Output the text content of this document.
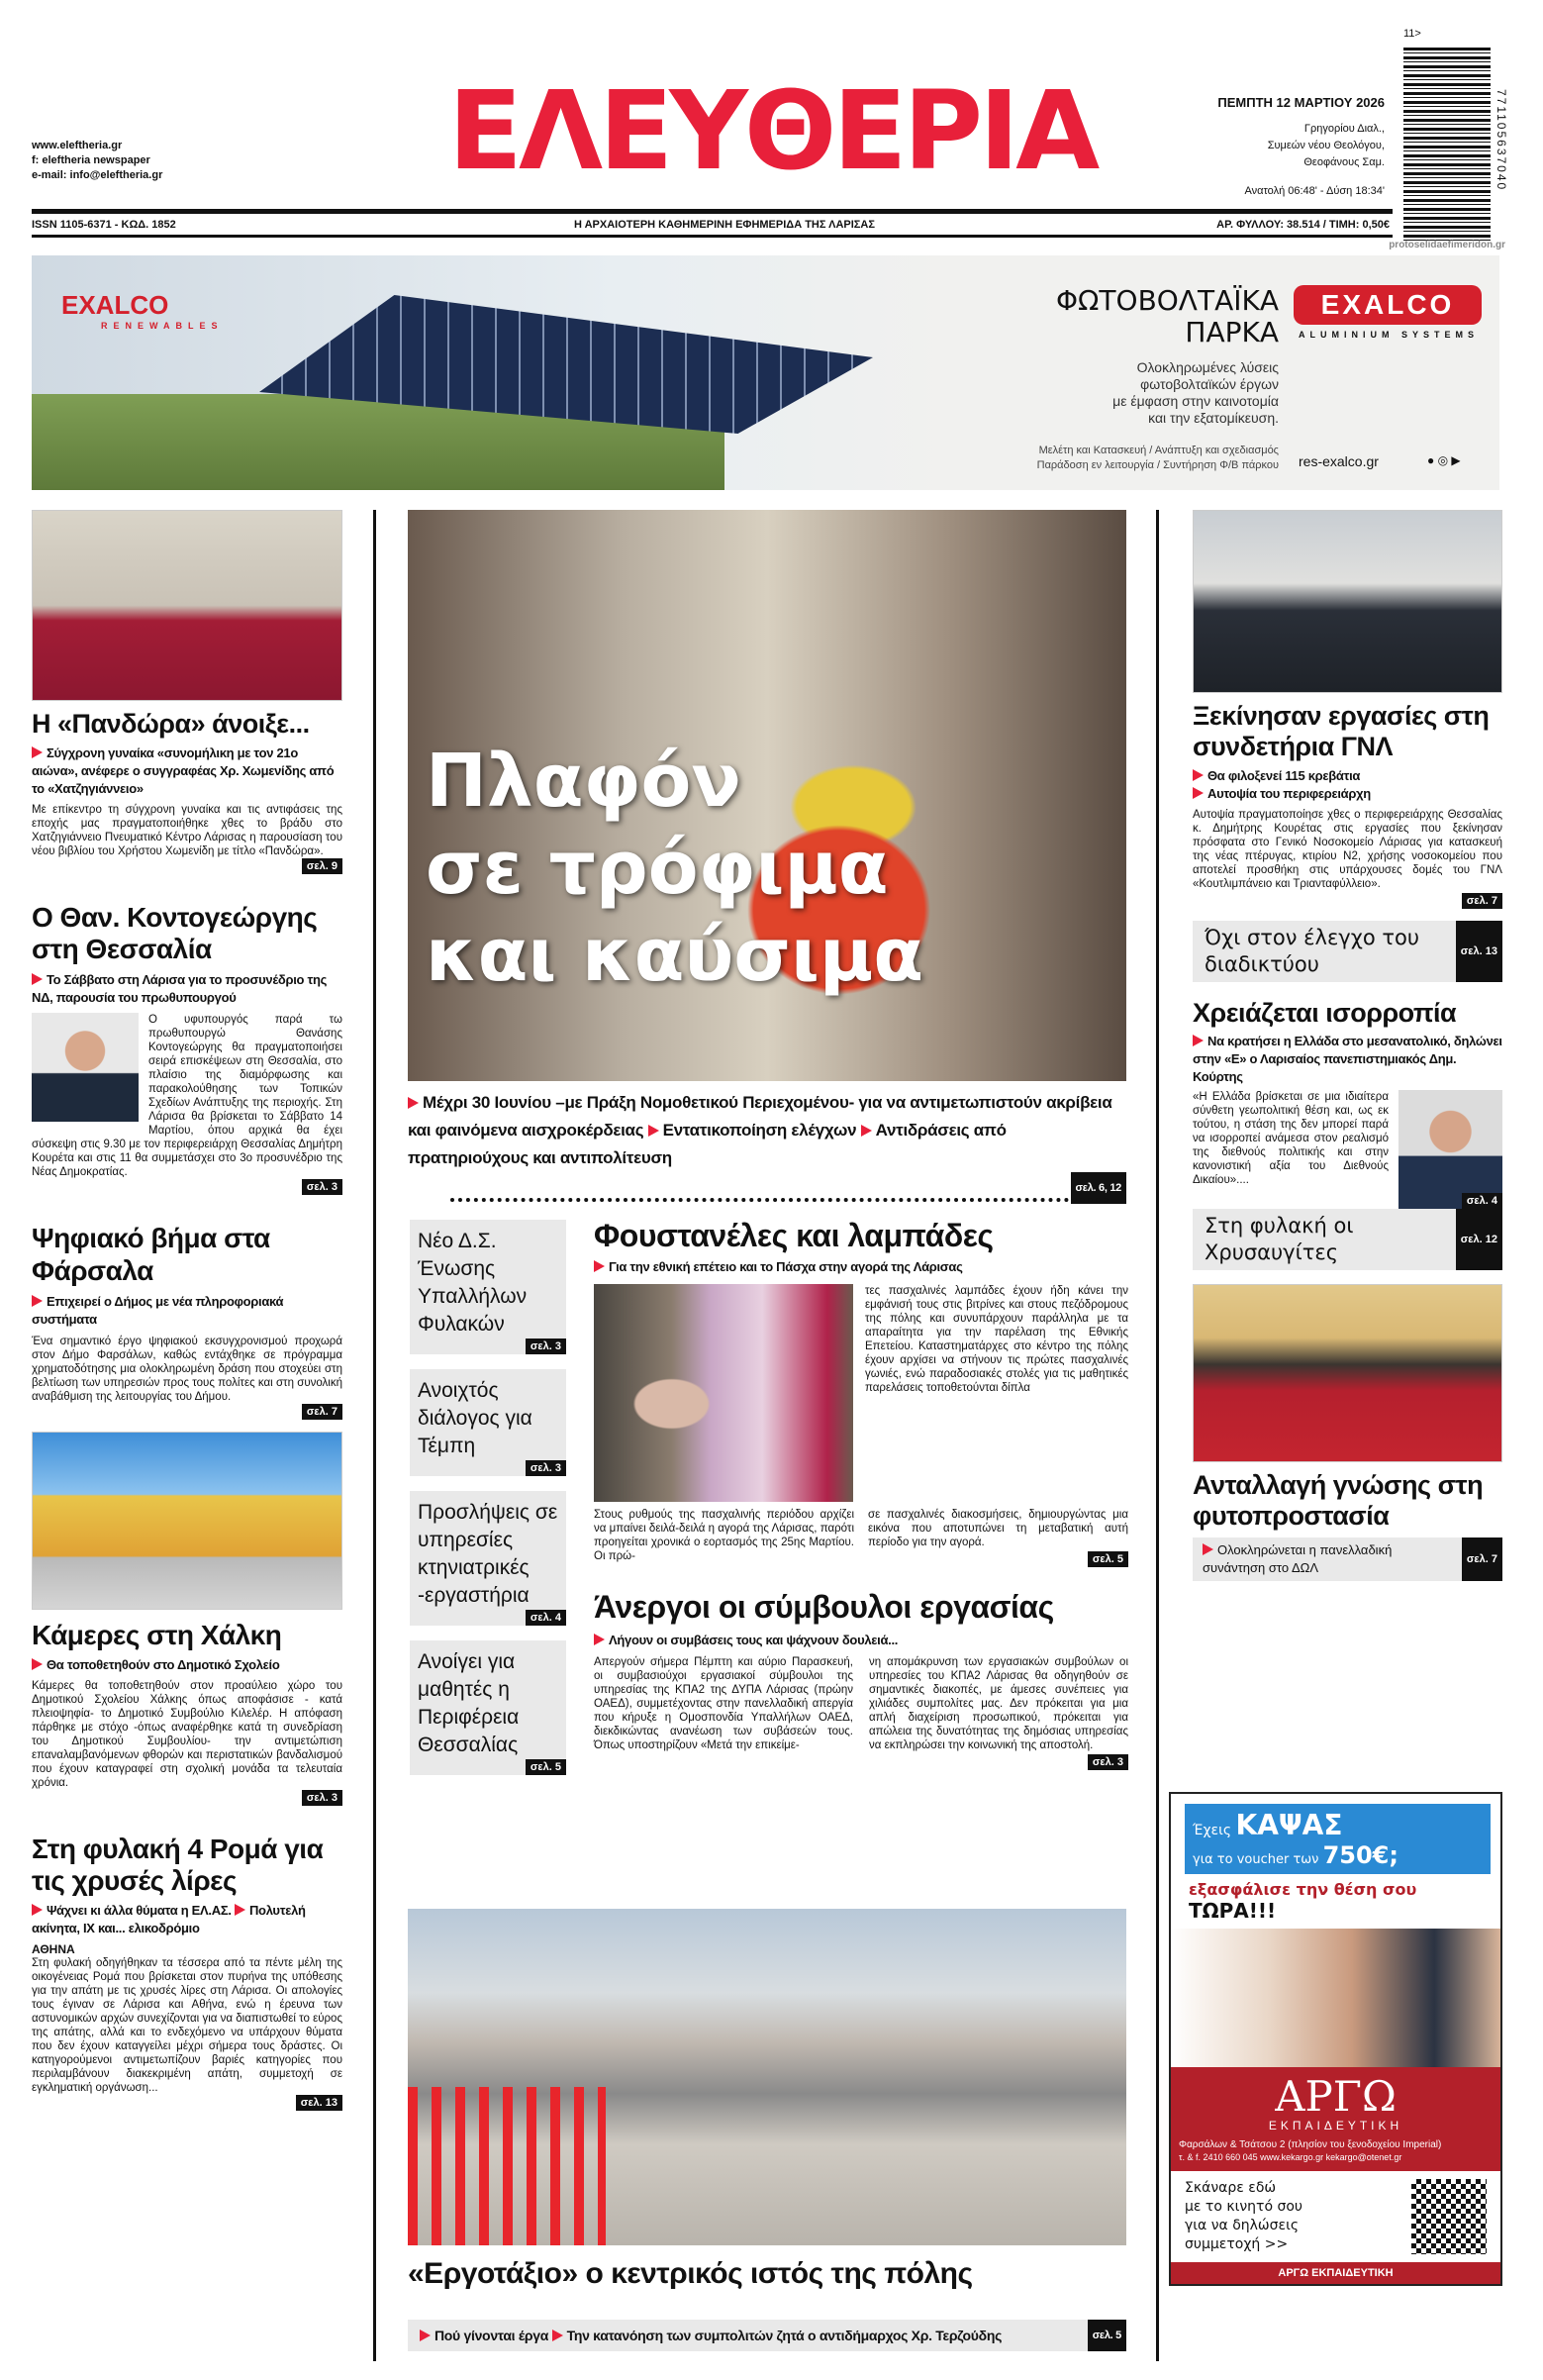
www.eleftheria.gr
f: eleftheria newspaper
e-mail: info@eleftheria.gr	ΕΛΕΥΘΕΡΙΑ	ΠΕΜΠΤΗ 12 ΜΑΡΤΙΟΥ 2026
Γρηγορίου Διαλ.,
Συμεών νέου Θεολόγου,
Θεοφάνους Σαμ.
Ανατολή 06:48' - Δύση 18:34'	771105637040
11>
ISSN 1105-6371 - ΚΩΔ. 1852	Η ΑΡΧΑΙΟΤΕΡΗ ΚΑΘΗΜΕΡΙΝΗ ΕΦΗΜΕΡΙΔΑ ΤΗΣ ΛΑΡΙΣΑΣ	ΑΡ. ΦΥΛΛΟΥ: 38.514 / ΤΙΜΗ: 0,50€
protoselidaefimeridon.gr
EXALCO
RENEWABLES
ΦΩΤΟΒΟΛΤΑΪΚΑ
ΠΑΡΚΑ
Ολοκληρωμένες λύσεις
φωτοβολταϊκών έργων
με έμφαση στην καινοτομία
και την εξατομίκευση.
Μελέτη και Κατασκευή / Ανάπτυξη και σχεδιασμός
Παράδοση εν λειτουργία / Συντήρηση Φ/Β πάρκου
EXALCO
ALUMINIUM SYSTEMS
res-exalco.gr	● ◎ ▶
Η «Πανδώρα» άνοιξε...
Σύγχρονη γυναίκα «συνομήλικη με τον 21ο αιώνα», ανέφερε ο συγγραφέας Χρ. Χωμενίδης από το «Χατζηγιάννειο»

Με επίκεντρο τη σύγχρονη γυναίκα και τις αντιφάσεις της εποχής μας πραγματοποιήθηκε χθες το βράδυ στο Χατζηγιάννειο Πνευματικό Κέντρο Λάρισας η παρουσίαση του νέου βιβλίου του Χρήστου Χωμενίδη με τίτλο «Πανδώρα».

σελ. 9
Ο Θαν. Κοντογεώργης στη Θεσσαλία
Το Σάββατο στη Λάρισα για το προσυνέδριο της ΝΔ, παρουσία του πρωθυπουργού

Ο υφυπουργός παρά τω πρωθυπουργώ Θανάσης Κοντογεώργης θα πραγματοποιήσει σειρά επισκέψεων στη Θεσσαλία, στο πλαίσιο της διαμόρφωσης και παρακολούθησης των Τοπικών Σχεδίων Ανάπτυξης της περιοχής. Στη Λάρισα θα βρίσκεται το Σάββατο 14 Μαρτίου, όπου αρχικά θα έχει σύσκεψη στις 9.30 με τον περιφερειάρχη Θεσσαλίας Δημήτρη Κουρέτα και στις 11 θα συμμετάσχει στο 3ο προσυνέδριο της Νέας Δημοκρατίας.

σελ. 3
Ψηφιακό βήμα στα Φάρσαλα
Επιχειρεί ο Δήμος με νέα πληροφοριακά συστήματα

Ένα σημαντικό έργο ψηφιακού εκσυγχρονισμού προχωρά στον Δήμο Φαρσάλων, καθώς εντάχθηκε σε πρόγραμμα χρηματοδότησης μια ολοκληρωμένη δράση που στοχεύει στη βελτίωση των υπηρεσιών προς τους πολίτες και στη συνολική αναβάθμιση της λειτουργίας του Δήμου.

σελ. 7
Κάμερες στη Χάλκη
Θα τοποθετηθούν στο Δημοτικό Σχολείο

Κάμερες θα τοποθετηθούν στον προαύλειο χώρο του Δημοτικού Σχολείου Χάλκης όπως αποφάσισε - κατά πλειοψηφία- το Δημοτικό Συμβούλιο Κιλελέρ. Η απόφαση πάρθηκε με στόχο -όπως αναφέρθηκε κατά τη συνεδρίαση του Δημοτικού Συμβουλίου- την αντιμετώπιση επαναλαμβανόμενων φθορών και περιστατικών βανδαλισμού που έχουν καταγραφεί στη σχολική μονάδα τα τελευταία χρόνια.

σελ. 3
Στη φυλακή 4 Ρομά για τις χρυσές λίρες
Ψάχνει κι άλλα θύματα η ΕΛ.ΑΣ. Πολυτελή ακίνητα, ΙΧ και... ελικοδρόμιο
ΑΘΗΝΑ

Στη φυλακή οδηγήθηκαν τα τέσσερα από τα πέντε μέλη της οικογένειας Ρομά που βρίσκεται στον πυρήνα της υπόθεσης για την απάτη με τις χρυσές λίρες στη Λάρισα. Οι απολογίες τους έγιναν σε Λάρισα και Αθήνα, ενώ η έρευνα των αστυνομικών αρχών συνεχίζονται για να διαπιστωθεί το εύρος της απάτης, αλλά και το ενδεχόμενο να υπάρχουν θύματα που δεν έχουν καταγγείλει μέχρι σήμερα τους δράστες. Οι κατηγορούμενοι αντιμετωπίζουν βαριές κατηγορίες που περιλαμβάνουν διακεκριμένη απάτη, συμμετοχή σε εγκληματική οργάνωση...

σελ. 13
Πλαφόν
σε τρόφιμα
και καύσιμα
Μέχρι 30 Ιουνίου –με Πράξη Νομοθετικού Περιεχομένου- για να αντιμετωπιστούν ακρίβεια και φαινόμενα αισχροκέρδειας Εντατικοποίηση ελέγχων Αντιδράσεις από πρατηριούχους και αντιπολίτευση
σελ. 6, 12
Νέο Δ.Σ. Ένωσης Υπαλλήλων Φυλακών
σελ. 3
Ανοιχτός διάλογος για Τέμπη
σελ. 3
Προσλήψεις σε υπηρεσίες κτηνιατρικές -εργαστήρια
σελ. 4
Ανοίγει για μαθητές η Περιφέρεια Θεσσαλίας
σελ. 5
Φουστανέλες και λαμπάδες
Για την εθνική επέτειο και το Πάσχα στην αγορά της Λάρισας

τες πασχαλινές λαμπάδες έχουν ήδη κάνει την εμφάνισή τους στις βιτρίνες και στους πεζόδρομους της πόλης και συνυπάρχουν παράλληλα με τα απαραίτητα για την παρέλαση της Εθνικής Επετείου. Καταστηματάρχες στο κέντρο της πόλης έχουν αρχίσει να στήνουν τις πρώτες πασχαλινές γωνιές, ενώ παραδοσιακές στολές για τις μαθητικές παρελάσεις τοποθετούνται δίπλα

Στους ρυθμούς της πασχαλινής περιόδου αρχίζει να μπαίνει δειλά-δειλά η αγορά της Λάρισας, παρότι προηγείται χρονικά ο εορτασμός της 25ης Μαρτίου. Οι πρώ-

σε πασχαλινές διακοσμήσεις, δημιουργώντας μια εικόνα που αποτυπώνει τη μεταβατική αυτή περίοδο για την αγορά.

σελ. 5
Άνεργοι οι σύμβουλοι εργασίας
Λήγουν οι συμβάσεις τους και ψάχνουν δουλειά...

Απεργούν σήμερα Πέμπτη και αύριο Παρασκευή, οι συμβασιούχοι εργασιακοί σύμβουλοι της υπηρεσίας της ΚΠΑ2 της ΔΥΠΑ Λάρισας (πρώην ΟΑΕΔ), συμμετέχοντας στην πανελλαδική απεργία που κήρυξε η Ομοσπονδία Υπαλλήλων ΟΑΕΔ, διεκδικώντας ανανέωση των συβάσεών τους. Όπως υποστηρίζουν «Μετά την επικείμε-

νη απομάκρυνση των εργασιακών συμβούλων οι υπηρεσίες του ΚΠΑ2 Λάρισας θα οδηγηθούν σε σημαντικές διακοπές, με άμεσες συνέπειες για χιλιάδες συμπολίτες μας. Δεν πρόκειται για μια απλή διαχείριση προσωπικού, πρόκειται για απώλεια της δυνατότητας της δημόσιας υπηρεσίας να εκπληρώσει την κοινωνική της αποστολή.

σελ. 3
«Εργοτάξιο» ο κεντρικός ιστός της πόλης
Πού γίνονται έργα Την κατανόηση των συμπολιτών ζητά ο αντιδήμαρχος Χρ. Τερζούδης	σελ. 5
Ξεκίνησαν εργασίες στη συνδετήρια ΓΝΛ
Θα φιλοξενεί 115 κρεβάτια
Αυτοψία του περιφερειάρχη

Αυτοψία πραγματοποίησε χθες ο περιφερειάρχης Θεσσαλίας κ. Δημήτρης Κουρέτας στις εργασίες που ξεκίνησαν πρόσφατα στο Γενικό Νοσοκομείο Λάρισας για κατασκευή της νέας πτέρυγας, κτιρίου Ν2, χρήσης νοσοκομείου που αποτελεί προσθήκη στις υπάρχουσες δομές του ΓΝΛ «Κουτλιμπάνειο και Τριανταφύλλειο».

σελ. 7
Όχι στον έλεγχο του διαδικτύου
σελ. 13
Χρειάζεται ισορροπία
Να κρατήσει η Ελλάδα στο μεσανατολικό, δηλώνει στην «Ε» ο Λαρισαίος πανεπιστημιακός Δημ. Κούρτης
σελ. 4

«Η Ελλάδα βρίσκεται σε μια ιδιαίτερα σύνθετη γεωπολιτική θέση και, ως εκ τούτου, η στάση της δεν μπορεί παρά να ισορροπεί ανάμεσα στον ρεαλισμό της διεθνούς πολιτικής και στην κανονιστική αξία του Διεθνούς Δικαίου»....

Στη φυλακή οι Χρυσαυγίτες
σελ. 12
Ανταλλαγή γνώσης στη φυτοπροστασία
Ολοκληρώνεται η πανελλαδική συνάντηση στο ΔΩΛ
σελ. 7
Έχεις ΚΑΨΑΣ
για το voucher των 750€;
εξασφάλισε την θέση σου
ΤΩΡΑ!!!
ΑΡΓΩ
ΕΚΠΑΙΔΕΥΤΙΚΗ
Φαρσάλων & Τσάτσου 2 (πλησίον του ξενοδοχείου Imperial)
τ. & f. 2410 660 045 www.kekargo.gr kekargo@otenet.gr
Σκάναρε εδώ
με το κινητό σου
για να δηλώσεις
συμμετοχή >>
ΑΡΓΩ ΕΚΠΑΙΔΕΥΤΙΚΗ
